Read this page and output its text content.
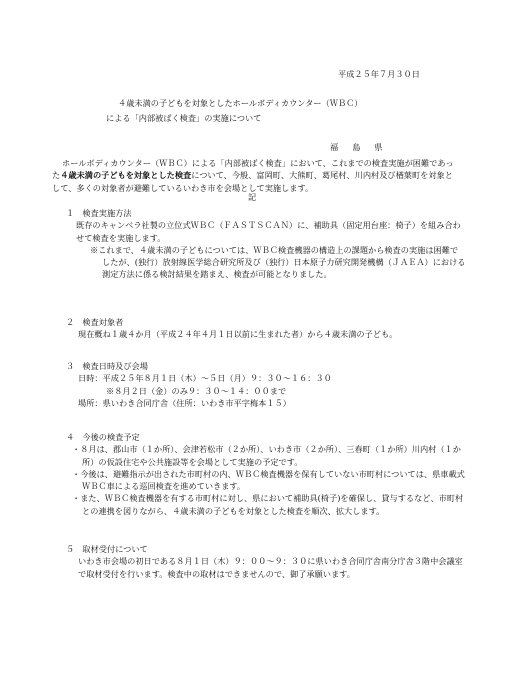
平成２５年７月３０日
４歳未満の子どもを対象としたホールボディカウンター（ＷＢＣ）
による「内部被ばく検査」の実施について
福島県
ホールボディカウンター（ＷＢＣ）による「内部被ばく検査」において、これまでの検査実施が困難であった４歳未満の子どもを対象とした検査について、今般、富岡町、大熊町、葛尾村、川内村及び楢葉町を対象として、多くの対象者が避難しているいわき市を会場として実施します。
記
１　検査実施方法
既存のキャンベラ社製の立位式ＷＢＣ（ＦＡＳＴＳＣＡＮ）に、補助具（固定用台座：椅子）を組み合わせて検査を実施します。
※これまで、４歳未満の子どもについては、ＷＢＣ検査機器の構造上の課題から検査の実施は困難でしたが、(独行）放射線医学総合研究所及び（独行）日本原子力研究開発機構（ＪＡＥＡ）における測定方法に係る検討結果を踏まえ、検査が可能となりました。
２　検査対象者
現在概ね１歳４か月（平成２４年４月１日以前に生まれた者）から４歳未満の子ども。
３　検査日時及び会場
日時：平成２５年８月１日（木）～５日（月）９：３０～１６：３０
※８月２日（金）のみ９：３０～１４：００まで
場所：県いわき合同庁舎（住所：いわき市平字梅本１５）
４　今後の検査予定
・８月は、郡山市（１か所）、会津若松市（２か所）、いわき市（２か所）、三春町（１か所）川内村（１か所）の仮設住宅や公共施設等を会場として実施の予定です。
・今後は、避難指示が出された市町村の内、ＷＢＣ検査機器を保有していない市町村については、県車載式ＷＢＣ車による巡回検査を進めていきます。
・また、ＷＢＣ検査機器を有する市町村に対し、県において補助具(椅子)を確保し、貸与するなど、市町村との連携を図りながら、４歳未満の子どもを対象とした検査を順次、拡大します。
５　取材受付について
いわき市会場の初日である８月１日（木）９：００～９：３０に県いわき合同庁舎南分庁舎３階中会議室で取材受付を行います。検査中の取材はできませんので、御了承願います。
